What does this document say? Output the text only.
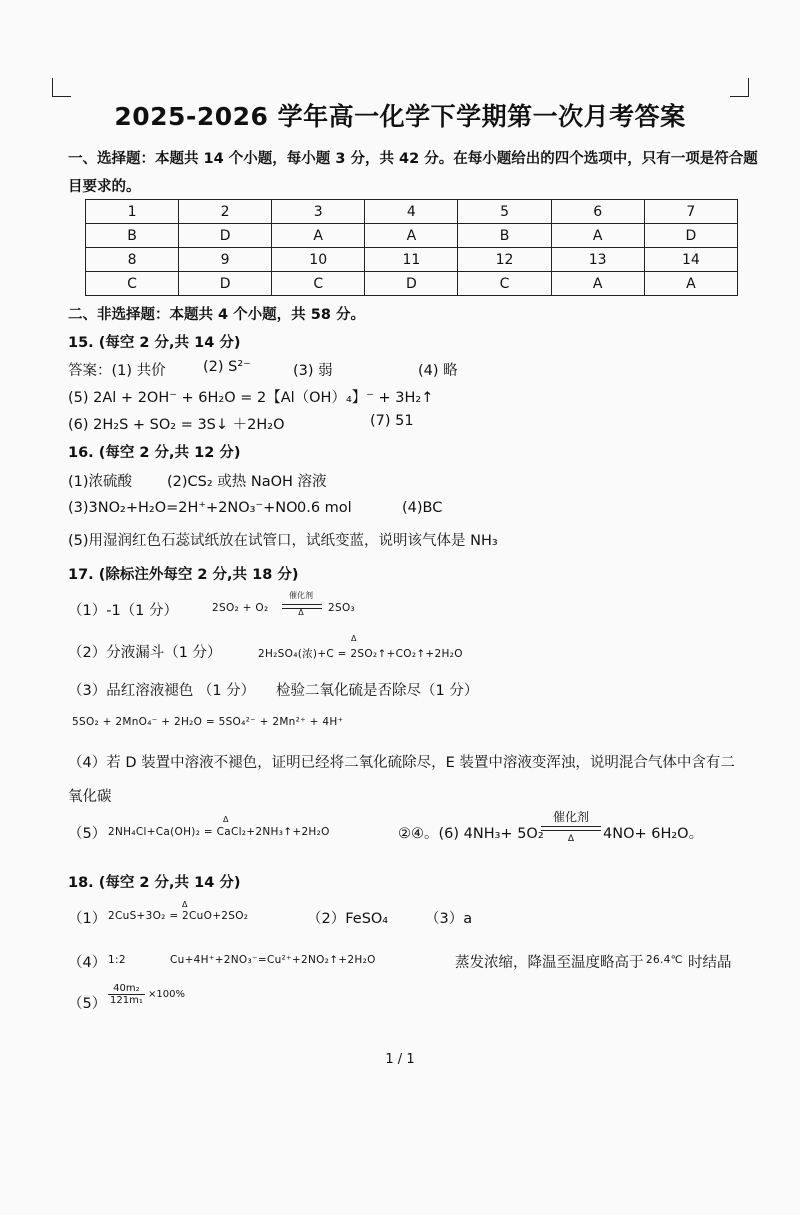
2025-2026 学年高一化学下学期第一次月考答案
一、选择题：本题共 14 个小题，每小题 3 分，共 42 分。在每小题给出的四个选项中，只有一项是符合题
目要求的。
1	2	3	4	5	6	7
B	D	A	A	B	A	D
8	9	10	11	12	13	14
C	D	C	D	C	A	A
二、非选择题：本题共 4 个小题，共 58 分。
15. (每空 2 分,共 14 分)
答案：(1) 共价	(2) S²⁻	(3) 弱	(4) 略
(5) 2Al + 2OH⁻ + 6H₂O = 2【Al（OH）₄】⁻ + 3H₂↑
(6) 2H₂S + SO₂ = 3S↓ ＋2H₂O	(7) 51
16. (每空 2 分,共 12 分)
(1)浓硫酸 (2)CS₂ 或热 NaOH 溶液
(3)3NO₂+H₂O=2H⁺+2NO₃⁻+NO 0.6 mol	(4)BC
(5)用湿润红色石蕊试纸放在试管口，试纸变蓝，说明该气体是 NH₃
17. (除标注外每空 2 分,共 18 分)
（1）-1（1 分）	2SO₂ + O₂
催化剂
Δ	2SO₃
（2）分液漏斗（1 分）
Δ
2H₂SO₄(浓)+C = 2SO₂↑+CO₂↑+2H₂O
（3）品红溶液褪色 （1 分） 检验二氧化硫是否除尽（1 分）
5SO₂ + 2MnO₄⁻ + 2H₂O = 5SO₄²⁻ + 2Mn²⁺ + 4H⁺
（4）若 D 装置中溶液不褪色，证明已经将二氧化硫除尽，E 装置中溶液变浑浊，说明混合气体中含有二
氧化碳
（5）
Δ
2NH₄Cl+Ca(OH)₂ = CaCl₂+2NH₃↑+2H₂O	②④。(6) 4NH₃+ 5O₂
催化剂
Δ	4NO+ 6H₂O。
18. (每空 2 分,共 14 分)
（1）
Δ
2CuS+3O₂ = 2CuO+2SO₂	（2）FeSO₄	（3）a
（4） 1:2	Cu+4H⁺+2NO₃⁻=Cu²⁺+2NO₂↑+2H₂O	蒸发浓缩，降温至温度略高于 26.4℃ 时结晶
$(5) \frac{\text{40m₂}}{\text{121m₁}} \times 100\%$
1 / 1
